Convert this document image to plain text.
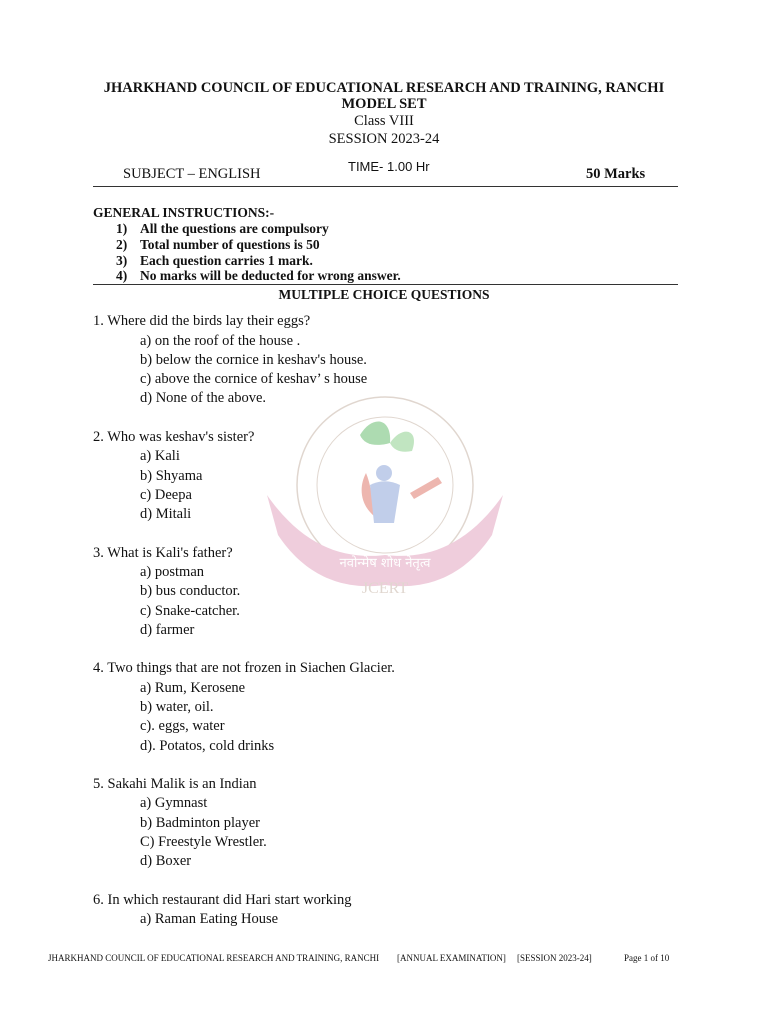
JHARKHAND COUNCIL OF EDUCATIONAL RESEARCH AND TRAINING, RANCHI
MODEL SET
Class VIII
SESSION 2023-24
SUBJECT – ENGLISH	TIME- 1.00 Hr	50 Marks
GENERAL INSTRUCTIONS:-
1) All the questions are compulsory
2) Total number of questions is 50
3) Each question carries 1 mark.
4) No marks will be deducted for wrong answer.
MULTIPLE CHOICE QUESTIONS
नवोन्मेष शोध नेतृत्व
JCERT
1. Where did the birds lay their eggs?
a) on the roof of the house .
b) below the cornice in keshav's house.
c) above the cornice of keshav’ s house
d) None of the above.
2. Who was keshav's sister?
a) Kali
b) Shyama
c) Deepa
d) Mitali
3. What is Kali's father?
a) postman
b) bus conductor.
c) Snake-catcher.
d) farmer
4. Two things that are not frozen in Siachen Glacier.
a) Rum, Kerosene
b) water, oil.
c). eggs, water
d). Potatos, cold drinks
5. Sakahi Malik is an Indian
a) Gymnast
b) Badminton player
C) Freestyle Wrestler.
d) Boxer
6. In which restaurant did Hari start working
a) Raman Eating House
JHARKHAND COUNCIL OF EDUCATIONAL RESEARCH AND TRAINING, RANCHI [ANNUAL EXAMINATION] [SESSION 2023-24]	Page 1 of 10
